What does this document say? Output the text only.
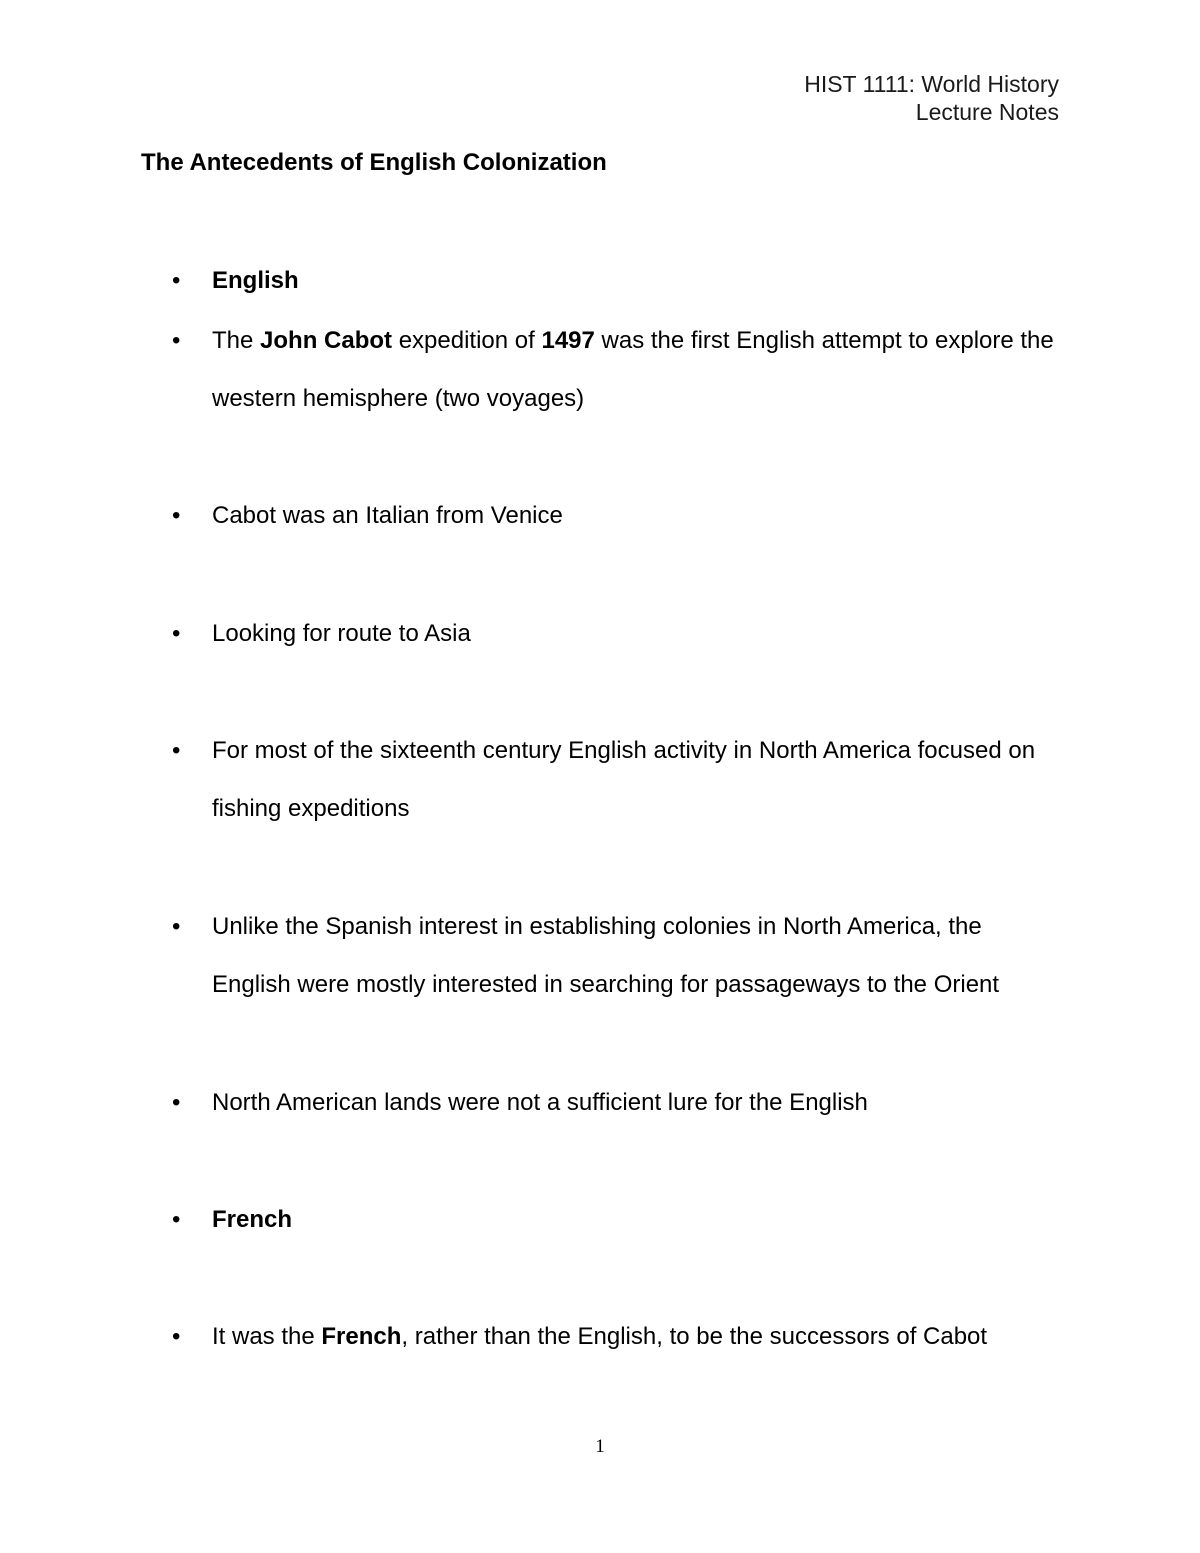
HIST 1111: World History
Lecture Notes
The Antecedents of English Colonization
•	English
•	The John Cabot expedition of 1497 was the first English attempt to explore the western hemisphere (two voyages)
•	Cabot was an Italian from Venice
•	Looking for route to Asia
•	For most of the sixteenth century English activity in North America focused on fishing expeditions
•	Unlike the Spanish interest in establishing colonies in North America, the English were mostly interested in searching for passageways to the Orient
•	North American lands were not a sufficient lure for the English
•	French
•	It was the French, rather than the English, to be the successors of Cabot
1
